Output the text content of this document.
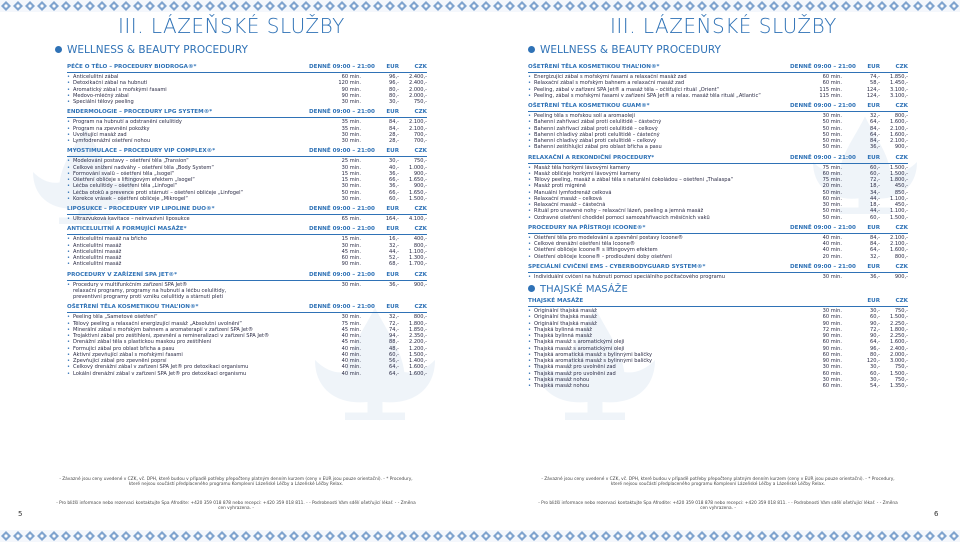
III. LÁZEŇSKÉ SLUŽBY
WELLNESS & BEAUTY PROCEDURY
PÉČE O TĚLO – PROCEDURY BIODROGA®*	DENNĚ 09:00 – 21:00	EUR	CZK
• Anticelulitní zábal	60 min.	96,-	2.400,-
• Detoxikační zábal na hubnutí	120 min.	96,-	2.400,-
• Aromatický zábal s mořskými řasami	90 min.	80,-	2.000,-
• Medovo-mléčný zábal	90 min.	80,-	2.000,-
• Speciální tělový peeling	30 min.	30,-	750,-
ENDERMOLOGIE – PROCEDURY LPG SYSTEM®*	DENNĚ 09:00 – 21:00	EUR	CZK
• Program na hubnutí a odstranění celulitidy	35 min.	84,-	2.100,-
• Program na zpevnění pokožky	35 min.	84,-	2.100,-
• Uvolňující masáž zad	30 min.	28,-	700,-
• Lymfodrenážní ošetření nohou	30 min.	28,-	700,-
MYOSTIMULACE – PROCEDURY VIP COMPLEX®*	DENNĚ 09:00 – 21:00	EUR	CZK
• Modelování postavy – ošetření těla „Transion“	25 min.	30,-	750,-
• Celkové snížení nadváhy – ošetření těla „Body System“	30 min.	40,-	1.000,-
• Formování svalů – ošetření těla „Isogel“	15 min.	36,-	900,-
• Ošetření obličeje s liftingovým efektem „Isogel“	15 min.	66,-	1.650,-
• Léčba celulitidy – ošetření těla „Linfogel“	30 min.	36,-	900,-
• Léčba otoků a prevence proti stárnutí – ošetření obličeje „Linfogel“	50 min.	66,-	1.650,-
• Korekce vrásek – ošetření obličeje „Mikrogel“	30 min.	60,-	1.500,-
LIPOSUKCE – PROCEDURY VIP LIPOLINE DUO®*	DENNĚ 09:00 – 21:00	EUR	CZK
• Ultrazvuková kavitace – neinvazivní liposukce	65 min.	164,-	4.100,-
ANTICELULITNÍ A FORMUJÍCÍ MASÁŽE*	DENNĚ 09:00 – 21:00	EUR	CZK
• Anticelulitní masáž na břicho	15 min.	16,-	400,-
• Anticelulitní masáž	30 min.	32,-	800,-
• Anticelulitní masáž	45 min.	44,-	1.100,-
• Anticelulitní masáž	60 min.	52,-	1.300,-
• Anticelulitní masáž	90 min.	68,-	1.700,-
PROCEDURY V ZAŘÍZENÍ SPA JET®*	DENNĚ 09:00 – 21:00	EUR	CZK
• Procedury v multifunkčním zařízení SPA Jet®	30 min.	36,-	900,-
relaxační programy, programy na hubnutí a léčbu celulitidy,
preventivní programy proti vzniku celulitidy a stárnutí pleti
OŠETŘENÍ TĚLA KOSMETIKOU THAL’ION®*	DENNĚ 09:00 – 21:00	EUR	CZK
• Peeling těla „Sametové ošetření“	30 min.	32,-	800,-
• Tělový peeling a relaxační energizující masáž „Absolutní uvolnění“	75 min.	72,-	1.800,-
• Minerální zábal s mořským bahnem a aromaterapií v zařízení SPA Jet®	45 min.	74,-	1.850,-
• Trojaktivní zábal pro zeštíhlení, zpevnění a remineralizaci v zařízení SPA Jet®	40 min.	94,-	2.350,-
• Drenážní zábal těla s plastickou maskou pro zeštíhlení	45 min.	88,-	2.200,-
• Formující zábal pro oblast břicha a pasu	40 min.	48,-	1.200,-
• Aktivní zpevňující zábal s mořskými řasami	40 min.	60,-	1.500,-
• Zpevňující zábal pro zpevnění poprsí	40 min.	56,-	1.400,-
• Celkový drenážní zábal v zařízení SPA Jet® pro detoxikaci organismu	40 min.	64,-	1.600,-
• Lokální drenážní zábal v zařízení SPA Jet® pro detoxikaci organismu	40 min.	64,-	1.600,-
- Závazné jsou ceny uvedené v CZK, vč. DPH, které budou v případě potřeby přepočteny platným denním kurzem (ceny v EUR jsou pouze orientační). - * Procedury, které nejsou součástí předplaceného programu Komplexní Lázeňské Léčby a Lázeňské Léčby Relax.
- Pro bližší informace nebo rezervaci kontaktujte Spa Afrodite: +420 359 018 878 nebo recepci: +420 359 018 811. - - Podrobnosti Vám sdělí ošetřující lékař. - - Změna cen vyhrazena. -
5
III. LÁZEŇSKÉ SLUŽBY
WELLNESS & BEAUTY PROCEDURY
OŠETŘENÍ TĚLA KOSMETIKOU THAL’ION®*	DENNĚ 09:00 – 21:00	EUR	CZK
• Energizující zábal s mořskými řasami a relaxační masáž zad	60 min.	74,-	1.850,-
• Relaxační zábal s mořským bahnem a relaxační masáž zad	60 min.	58,-	1.450,-
• Peeling, zábal v zařízení SPA Jet® a masáž těla – očišťující rituál „Orient“	115 min.	124,-	3.100,-
• Peeling, zábal s mořskými řasami v zařízení SPA Jet® a relax. masáž těla rituál „Atlantic“	115 min.	124,-	3.100,-
OŠETŘENÍ TĚLA KOSMETIKOU GUAM®*	DENNĚ 09:00 – 21:00	EUR	CZK
• Peeling těla s mořskou solí a aromaolejí	30 min.	32,-	800,-
• Bahenní zahřívací zábal proti celulitidě – částečný	50 min.	64,-	1.600,-
• Bahenní zahřívací zábal proti celulitidě – celkový	50 min.	84,-	2.100,-
• Bahenní chladivý zábal proti celulitidě – částečný	50 min.	64,-	1.600,-
• Bahenní chladivý zábal proti celulitidě – celkový	50 min.	84,-	2.100,-
• Bahenní zeštíhlující zábal pro oblast břicha a pasu	50 min.	36,-	900,-
RELAXAČNÍ A REKONDIČNÍ PROCEDURY*	DENNĚ 09:00 – 21:00	EUR	CZK
• Masáž těla horkými lávovými kameny	75 min.	60,-	1.500,-
• Masáž obličeje horkými lávovými kameny	60 min.	60,-	1.500,-
• Tělový peeling, masáž a zábal těla s naturální čokoládou – ošetření „Thalaspa“	75 min.	72,-	1.800,-
• Masáž proti migréně	20 min.	18,-	450,-
• Manuální lymfodrenáž celková	50 min.	34,-	850,-
• Relaxační masáž – celková	60 min.	44,-	1.100,-
• Relaxační masáž – částečná	30 min.	18,-	450,-
• Rituál pro unavené nohy – relaxační lázeň, peeling a jemná masáž	50 min.	44,-	1.100,-
• Ozdravné ošetření chodidel pomocí samozahřívacích měsíčních vaků	50 min.	60,-	1.500,-
PROCEDURY NA PŘÍSTROJI ICOONE®*	DENNĚ 09:00 – 21:00	EUR	CZK
• Ošetření těla pro modelování a zpevnění postavy Icoone®	40 min.	84,-	2.100,-
• Celkové drenážní ošetření těla Icoone®	40 min.	84,-	2.100,-
• Ošetření obličeje Icoone® s liftingovým efektem	40 min.	64,-	1.600,-
• Ošetření obličeje Icoone® - prodloužení doby ošetření	20 min.	32,-	800,-
SPECIÁLNÍ CVIČENÍ EMS - CYBERBODYGUARD SYSTEM®*	DENNĚ 09:00 – 21:00	EUR	CZK
• Individuální cvičení na hubnutí pomocí speciálního počítačového programu	30 min.	36,-	900,-
THAJSKÉ MASÁŽE
THAJSKÉ MASÁŽE	EUR	CZK
• Originální thajská masáž	30 min.	30,-	750,-
• Originální thajská masáž	60 min.	60,-	1.500,-
• Originální thajská masáž	90 min.	90,-	2.250,-
• Thajská bylinná masáž	72 min.	72,-	1.800,-
• Thajská bylinná masáž	90 min.	90,-	2.250,-
• Thajská masáž s aromatickými oleji	60 min.	64,-	1.600,-
• Thajská masáž s aromatickými oleji	90 min.	96,-	2.400,-
• Thajská aromatická masáž s bylinnými balíčky	60 min.	80,-	2.000,-
• Thajská aromatická masáž s bylinnými balíčky	90 min.	120,-	3.000,-
• Thajská masáž pro uvolnění zad	30 min.	30,-	750,-
• Thajská masáž pro uvolnění zad	60 min.	60,-	1.500,-
• Thajská masáž nohou	30 min.	30,-	750,-
• Thajská masáž nohou	60 min.	54,-	1.350,-
- Závazné jsou ceny uvedené v CZK, vč. DPH, které budou v případě potřeby přepočteny platným denním kurzem (ceny v EUR jsou pouze orientační). - * Procedury, které nejsou součástí předplaceného programu Komplexní Lázeňské Léčby a Lázeňské Léčby Relax.
- Pro bližší informace nebo rezervaci kontaktujte Spa Afrodite: +420 359 018 878 nebo recepci: +420 359 018 811. - - Podrobnosti Vám sdělí ošetřující lékař. - - Změna cen vyhrazena. -
6
